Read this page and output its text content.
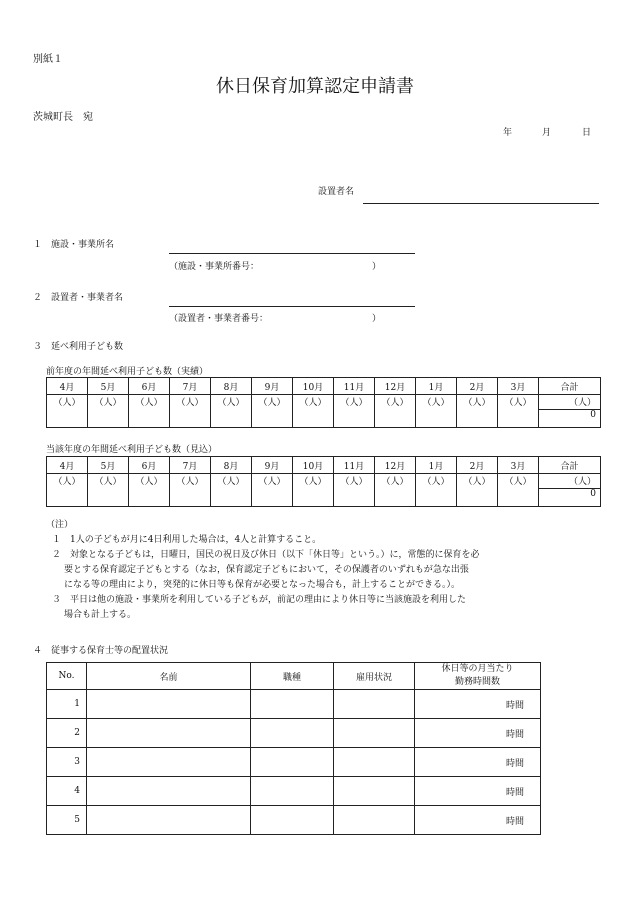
別紙１
休日保育加算認定申請書
茨城町長　宛
年	月	日
設置者名
１　施設・事業所名
（施設・事業所番号：	）
２　設置者・事業者名
（設置者・事業者番号：	）
３　延べ利用子ども数
前年度の年間延べ利用子ども数（実績）
4月	5月	6月	7月	8月	9月	10月	11月	12月	1月	2月	3月	合計
（人）	（人）	（人）	（人）	（人）	（人）	（人）	（人）	（人）	（人）	（人）	（人）	（人）
												0
当該年度の年間延べ利用子ども数（見込）
4月	5月	6月	7月	8月	9月	10月	11月	12月	1月	2月	3月	合計
（人）	（人）	（人）	（人）	（人）	（人）	（人）	（人）	（人）	（人）	（人）	（人）	（人）
												0
（注）
１　1人の子どもが月に4日利用した場合は，4人と計算すること。
２　対象となる子どもは，日曜日，国民の祝日及び休日（以下「休日等」という。）に，常態的に保育を必
要とする保育認定子どもとする（なお，保育認定子どもにおいて，その保護者のいずれもが急な出張
になる等の理由により，突発的に休日等も保育が必要となった場合も，計上することができる。）。
３　平日は他の施設・事業所を利用している子どもが，前記の理由により休日等に当該施設を利用した
場合も計上する。
４　従事する保育士等の配置状況
No.	名前	職種	雇用状況	休日等の月当たり
勤務時間数

1				時間
2				時間
3				時間
4				時間
5				時間
